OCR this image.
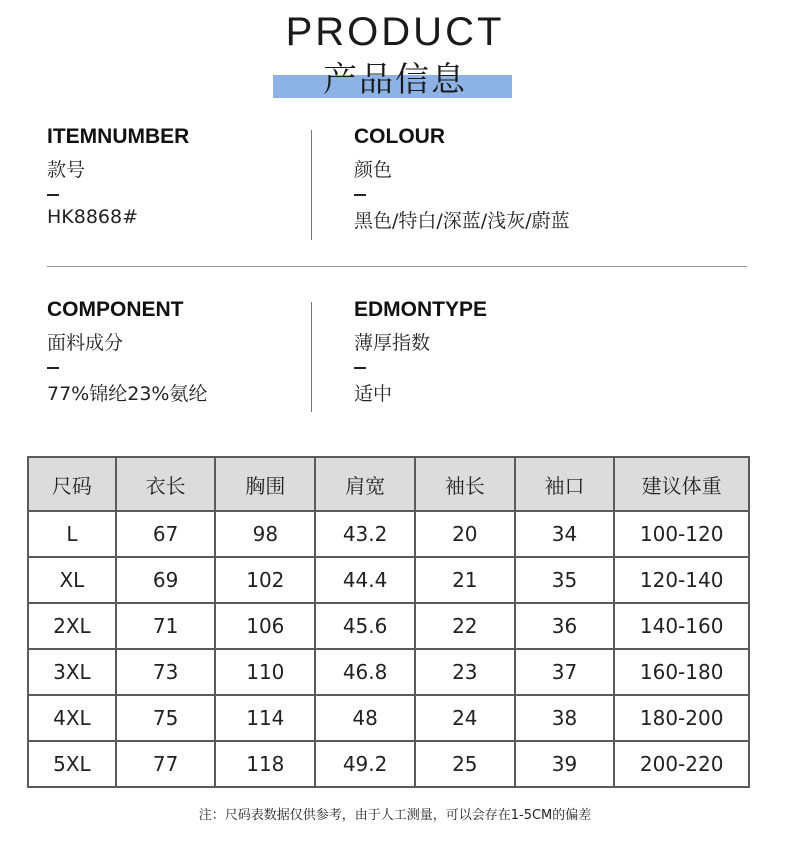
PRODUCT
产品信息
ITEMNUMBER
款号
HK8868#
COLOUR
颜色
黑色/特白/深蓝/浅灰/蔚蓝
COMPONENT
面料成分
77%锦纶23%氨纶
EDMONTYPE
薄厚指数
适中
尺码	衣长	胸围	肩宽	袖长	袖口	建议体重
L	67	98	43.2	20	34	100-120
XL	69	102	44.4	21	35	120-140
2XL	71	106	45.6	22	36	140-160
3XL	73	110	46.8	23	37	160-180
4XL	75	114	48	24	38	180-200
5XL	77	118	49.2	25	39	200-220
注：尺码表数据仅供参考，由于人工测量，可以会存在1-5CM的偏差
